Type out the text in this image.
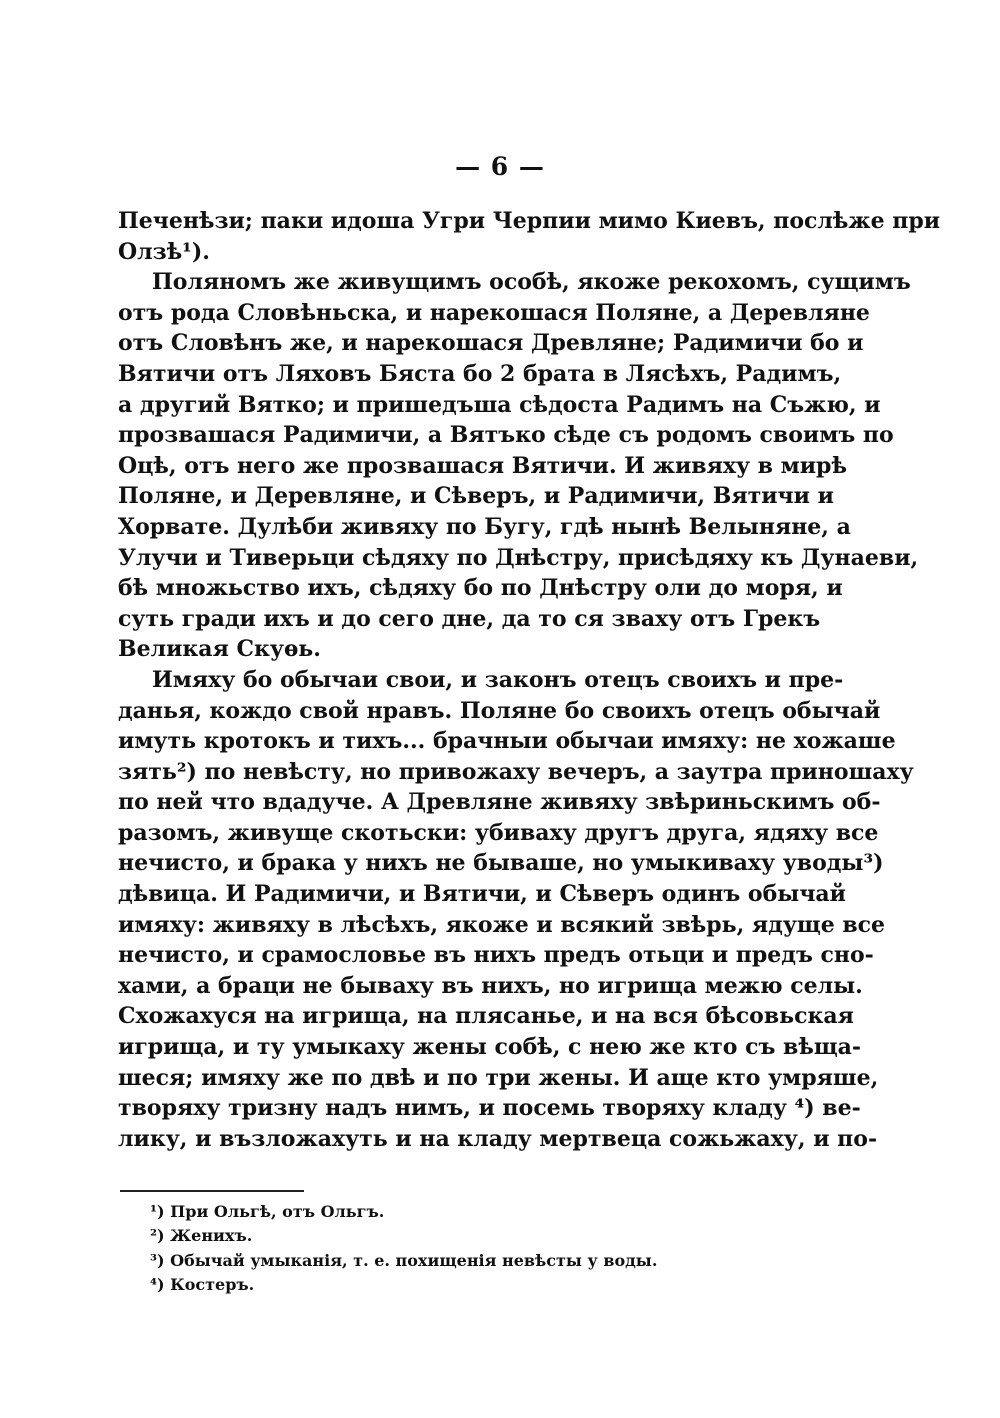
— 6 —
Печенѣзи; паки идоша Угри Черпии мимо Киевъ, послѣже при
Олзѣ¹).
Поляномъ же живущимъ особѣ, якоже рекохомъ, сущимъ
отъ рода Словѣньска, и нарекошася Поляне, а Деревляне
отъ Словѣнъ же, и нарекошася Древляне; Радимичи бо и
Вятичи отъ Ляховъ Бяста бо 2 брата в Лясѣхъ, Радимъ,
а другий Вятко; и пришедъша сѣдоста Радимъ на Съжю, и
прозвашася Радимичи, а Вятъко сѣде съ родомъ своимъ по
Оцѣ, отъ него же прозвашася Вятичи. И живяху в мирѣ
Поляне, и Деревляне, и Сѣверъ, и Радимичи, Вятичи и
Хорвате. Дулѣби живяху по Бугу, гдѣ нынѣ Велыняне, а
Улучи и Тиверьци сѣдяху по Днѣстру, присѣдяху къ Дунаеви,
бѣ множьство ихъ, сѣдяху бо по Днѣстру оли до моря, и
суть гради ихъ и до сего дне, да то ся зваху отъ Грекъ
Великая Скуѳь.
Имяху бо обычаи свои, и законъ отецъ своихъ и пре-
данья, кождо свой нравъ. Поляне бо своихъ отецъ обычай
имуть кротокъ и тихъ... брачныи обычаи имяху: не хожаше
зять²) по невѣсту, но привожаху вечеръ, а заутра приношаху
по ней что вдадуче. А Древляне живяху звѣриньскимъ об-
разомъ, живуще скотьски: убиваху другъ друга, ядяху все
нечисто, и брака у нихъ не бываше, но умыкиваху уводы³)
дѣвица. И Радимичи, и Вятичи, и Сѣверъ одинъ обычай
имяху: живяху в лѣсѣхъ, якоже и всякий звѣрь, ядуще все
нечисто, и срамословье въ нихъ предъ отьци и предъ сно-
хами, а браци не бываху въ нихъ, но игрища межю селы.
Схожахуся на игрища, на плясанье, и на вся бѣсовьская
игрища, и ту умыкаху жены собѣ, с нею же кто съ вѣща-
шеся; имяху же по двѣ и по три жены. И аще кто умряше,
творяху тризну надъ нимъ, и посемь творяху кладу ⁴) ве-
лику, и възложахуть и на кладу мертвеца сожьжаху, и по-
¹) При Ольгѣ, отъ Ольгъ.
²) Женихъ.
³) Обычай умыканія, т. е. похищенія невѣсты у воды.
⁴) Костеръ.
